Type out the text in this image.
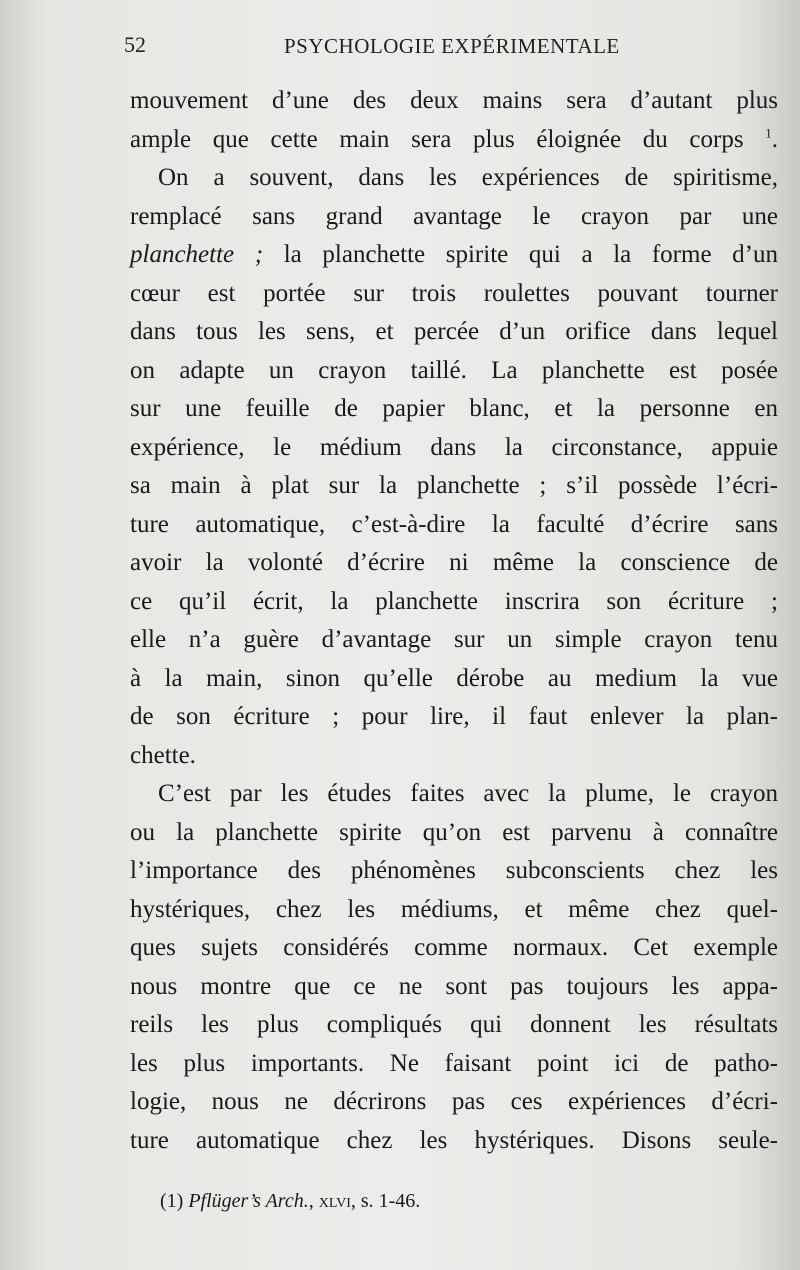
52	PSYCHOLOGIE EXPÉRIMENTALE
mouvement d’une des deux mains sera d’autant plus
ample que cette main sera plus éloignée du corps $^1$.
On a souvent, dans les expériences de spiritisme,
remplacé sans grand avantage le crayon par une
planchette ; la planchette spirite qui a la forme d’un
cœur est portée sur trois roulettes pouvant tourner
dans tous les sens, et percée d’un orifice dans lequel
on adapte un crayon taillé. La planchette est posée
sur une feuille de papier blanc, et la personne en
expérience, le médium dans la circonstance, appuie
sa main à plat sur la planchette ; s’il possède l’écri-
ture automatique, c’est-à-dire la faculté d’écrire sans
avoir la volonté d’écrire ni même la conscience de
ce qu’il écrit, la planchette inscrira son écriture ;
elle n’a guère d’avantage sur un simple crayon tenu
à la main, sinon qu’elle dérobe au medium la vue
de son écriture ; pour lire, il faut enlever la plan-
chette.
C’est par les études faites avec la plume, le crayon
ou la planchette spirite qu’on est parvenu à connaître
l’importance des phénomènes subconscients chez les
hystériques, chez les médiums, et même chez quel-
ques sujets considérés comme normaux. Cet exemple
nous montre que ce ne sont pas toujours les appa-
reils les plus compliqués qui donnent les résultats
les plus importants. Ne faisant point ici de patho-
logie, nous ne décrirons pas ces expériences d’écri-
ture automatique chez les hystériques. Disons seule-
(1) Pflüger’s Arch., xlvi, s. 1-46.
